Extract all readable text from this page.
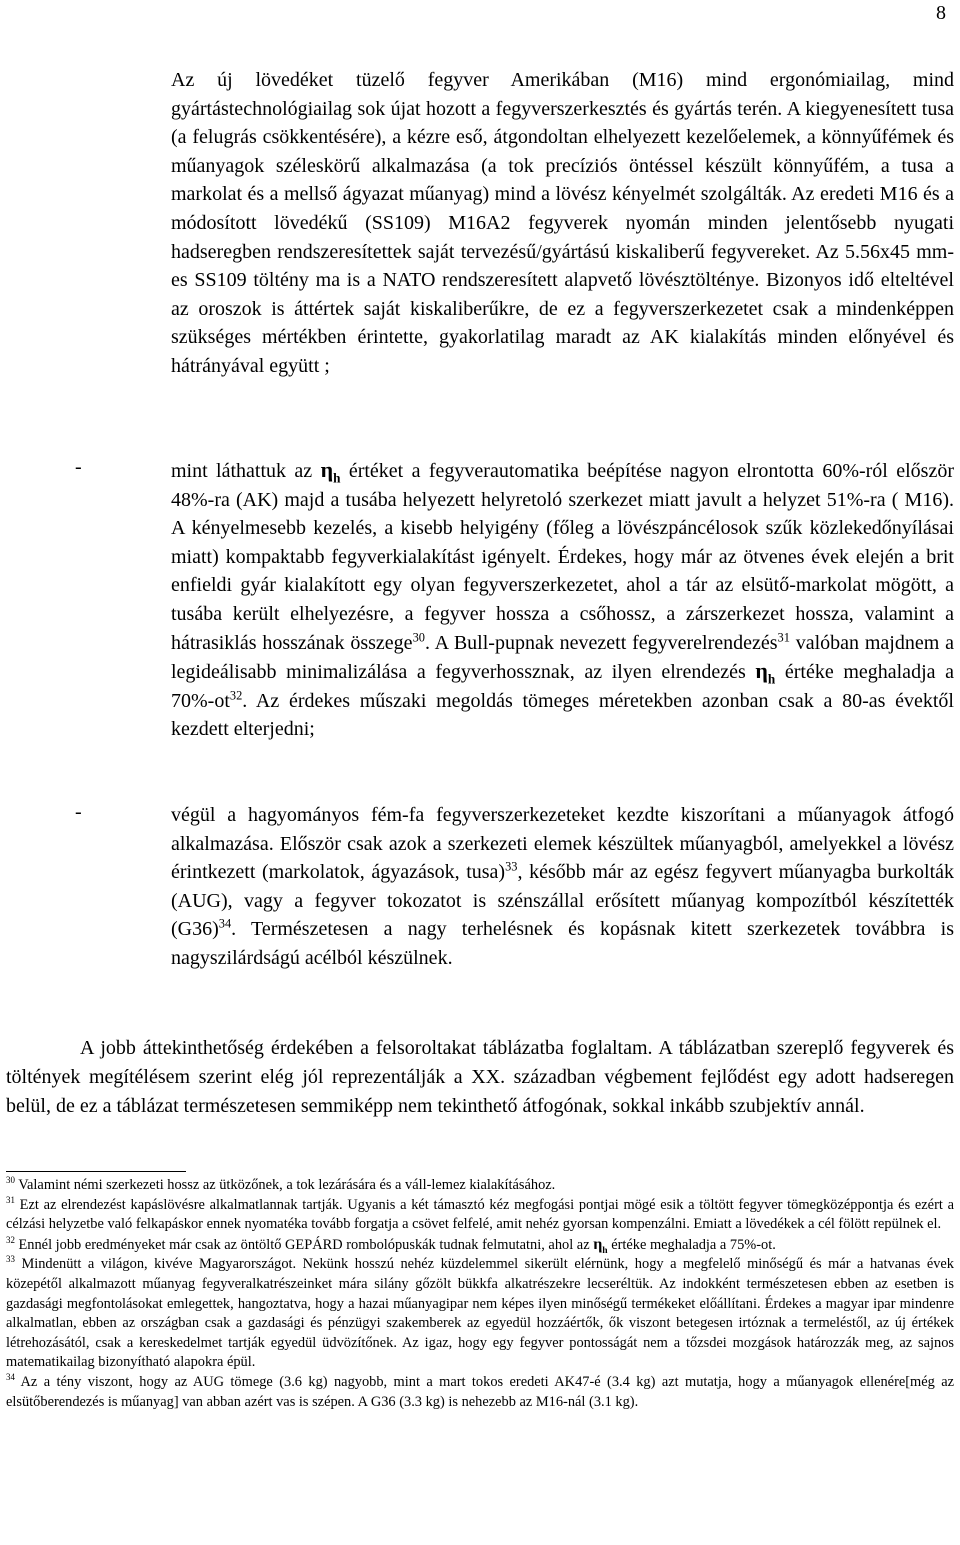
8

Az új lövedéket tüzelő fegyver Amerikában (M16) mind ergonómiailag, mind gyártástechnológiailag sok újat hozott a fegyverszerkesztés és gyártás terén. A kiegyenesített tusa (a felugrás csökkentésére), a kézre eső, átgondoltan elhelyezett kezelőelemek, a könnyűfémek és műanyagok széleskörű alkalmazása (a tok precíziós öntéssel készült könnyűfém, a tusa a markolat és a mellső ágyazat műanyag) mind a lövész kényelmét szolgálták. Az eredeti M16 és a módosított lövedékű (SS109) M16A2 fegyverek nyomán minden jelentősebb nyugati hadseregben rendszeresítettek saját tervezésű/gyártású kiskaliberű fegyvereket. Az 5.56x45 mm-es SS109 töltény ma is a NATO rendszeresített alapvető lövésztölténye. Bizonyos idő elteltével az oroszok is áttértek saját kiskaliberűkre, de ez a fegyverszerkezetet csak a mindenképpen szükséges mértékben érintette, gyakorlatilag maradt az AK kialakítás minden előnyével és hátrányával együtt ;

-	mint láthattuk az $\eta_h$ értéket a fegyverautomatika beépítése nagyon elrontotta 60%-ról először 48%-ra (AK) majd a tusába helyezett helyretoló szerkezet miatt javult a helyzet 51%-ra ( M16). A kényelmesebb kezelés, a kisebb helyigény (főleg a lövészpáncélosok szűk közlekedőnyílásai miatt) kompaktabb fegyverkialakítást igényelt. Érdekes, hogy már az ötvenes évek elején a brit enfieldi gyár kialakított egy olyan fegyverszerkezetet, ahol a tár az elsütő-markolat mögött, a tusába került elhelyezésre, a fegyver hossza a csőhossz, a zárszerkezet hossza, valamint a hátrasiklás hosszának összege$^{30}$. A Bull-pupnak nevezett fegyverelrendezés$^{31}$ valóban majdnem a legideálisabb minimalizálása a fegyverhossznak, az ilyen elrendezés $\eta_h$ értéke meghaladja a $70\%-ot^{32}$. Az érdekes műszaki megoldás tömeges méretekben azonban csak a 80-as évektől kezdett elterjedni;

-	végül a hagyományos fém-fa fegyverszerkezeteket kezdte kiszorítani a műanyagok átfogó alkalmazása. Először csak azok a szerkezeti elemek készültek műanyagból, amelyekkel a lövész érintkezett (markolatok, ágyazások, tusa)$^{33}$, később már az egész fegyvert műanyagba burkolták (AUG), vagy a fegyver tokozatot is szénszállal erősített műanyag kompozítból készítették $(G36)^{34}$. Természetesen a nagy terhelésnek és kopásnak kitett szerkezetek továbbra is nagyszilárdságú acélból készülnek.

A jobb áttekinthetőség érdekében a felsoroltakat táblázatba foglaltam. A táblázatban szereplő fegyverek és töltények megítélésem szerint elég jól reprezentálják a XX. században végbement fejlődést egy adott hadseregen belül, de ez a táblázat természetesen semmiképp nem tekinthető átfogónak, sokkal inkább szubjektív annál.

$^{30}$ Valamint némi szerkezeti hossz az ütközőnek, a tok lezárására és a váll-lemez kialakításához.

$^{31}$ Ezt az elrendezést kapáslövésre alkalmatlannak tartják. Ugyanis a két támasztó kéz megfogási pontjai mögé esik a töltött fegyver tömegközéppontja és ezért a célzási helyzetbe való felkapáskor ennek nyomatéka tovább forgatja a csövet felfelé, amit nehéz gyorsan kompenzálni. Emiatt a lövedékek a cél fölött repülnek el.

$^{32}$ Ennél jobb eredményeket már csak az öntöltő GEPÁRD rombolópuskák tudnak felmutatni, ahol az $\eta_h$ értéke meghaladja a 75%-ot.

$^{33}$ Mindenütt a világon, kivéve Magyarországot. Nekünk hosszú nehéz küzdelemmel sikerült elérnünk, hogy a megfelelő minőségű és már a hatvanas évek közepétől alkalmazott műanyag fegyveralkatrészeinket mára silány gőzölt bükkfa alkatrészekre lecseréltük. Az indokként természetesen ebben az esetben is gazdasági megfontolásokat emlegettek, hangoztatva, hogy a hazai műanyagipar nem képes ilyen minőségű termékeket előállítani. Érdekes a magyar ipar mindenre alkalmatlan, ebben az országban csak a gazdasági és pénzügyi szakemberek az egyedül hozzáértők, ők viszont betegesen irtóznak a termeléstől, az új értékek létrehozásától, csak a kereskedelmet tartják egyedül üdvözítőnek. Az igaz, hogy egy fegyver pontosságát nem a tőzsdei mozgások határozzák meg, az sajnos matematikailag bizonyítható alapokra épül.

$^{34}$ Az a tény viszont, hogy az AUG tömege (3.6 kg) nagyobb, mint a mart tokos eredeti AK47-é (3.4 kg) azt mutatja, hogy a műanyagok ellenére[még az elsütőberendezés is műanyag] van abban azért vas is szépen. A G36 (3.3 kg) is nehezebb az M16-nál (3.1 kg).
